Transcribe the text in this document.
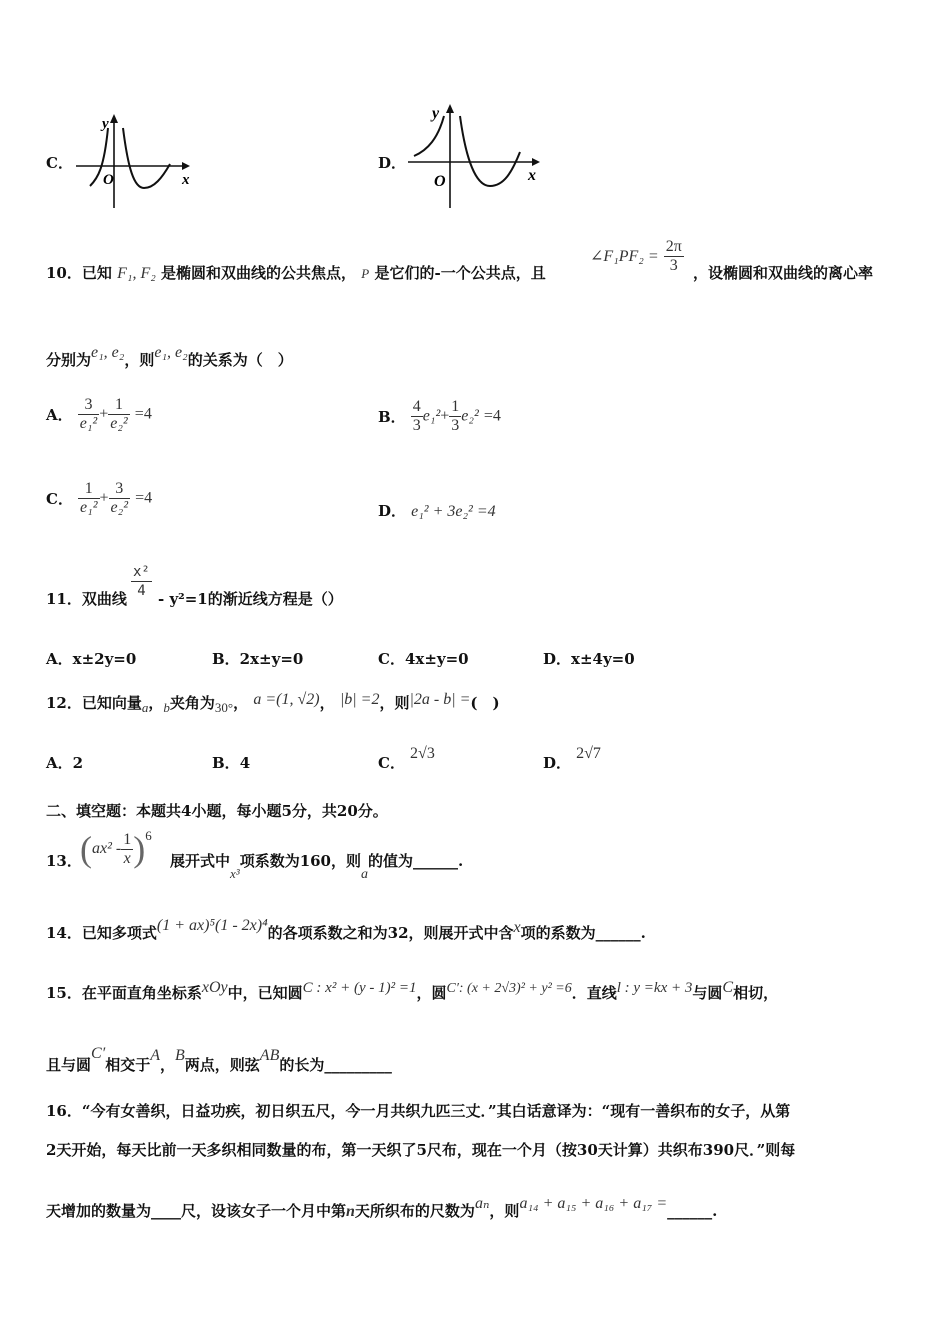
C．
y
x
O
D．
y
x
O
10．已知 F₁, F₂ 是椭圆和双曲线的公共焦点， P 是它们的-一个公共点，且
∠F₁PF₂ = $\frac{2\pi}{3}$ ，设椭圆和双曲线的离心率
分别为e₁, e₂，则e₁, e₂的关系为（　）
A． $\frac{3}{\text{e₁²}} + \frac{1}{\text{e₂²}} =4$	B． $\frac{4}{3} e_1^2+ \frac{1}{3} e_2^2 =4$
C． $\frac{1}{\text{e₁²}} + \frac{3}{\text{e₂²}} =4$
D． e₁² + 3e₂² =4
11．双曲线 $\frac{\text{x²}}{4} - y^2=1$的渐近线方程是（）
A．x±2y=0	B．2x±y=0	C．4x±y=0	D．x±4y=0
12．已知向量a，b夹角为30°， a =(1, √2)， |b| =2，则|2a - b| =(　)
A．2	B．4	C． 2√3
D． 2√7
二、填空题：本题共4小题，每小题5分，共20分。
13．
$(ax^2 - \frac{1}{x} )^6$
展开式中x³项系数为160，则a的值为______.
14．已知多项式(1 + ax)⁵(1 - 2x)⁴的各项系数之和为32，则展开式中含x项的系数为______.
15．在平面直角坐标系xOy中，已知圆C : x² + (y - 1)² =1，圆C′: (x + 2√3)² + y² =6．直线l : y =kx + 3与圆C相切，
且与圆C′相交于A，B两点，则弦AB的长为_________
16．“今有女善织，日益功疾，初日织五尺，今一月共织九匹三丈．”其白话意译为：“现有一善织布的女子，从第
2天开始，每天比前一天多织相同数量的布，第一天织了5尺布，现在一个月（按30天计算）共织布390尺．”则每
天增加的数量为____尺，设该女子一个月中第n天所织布的尺数为aₙ，则a₁₄ + a₁₅ + a₁₆ + a₁₇ =______.
